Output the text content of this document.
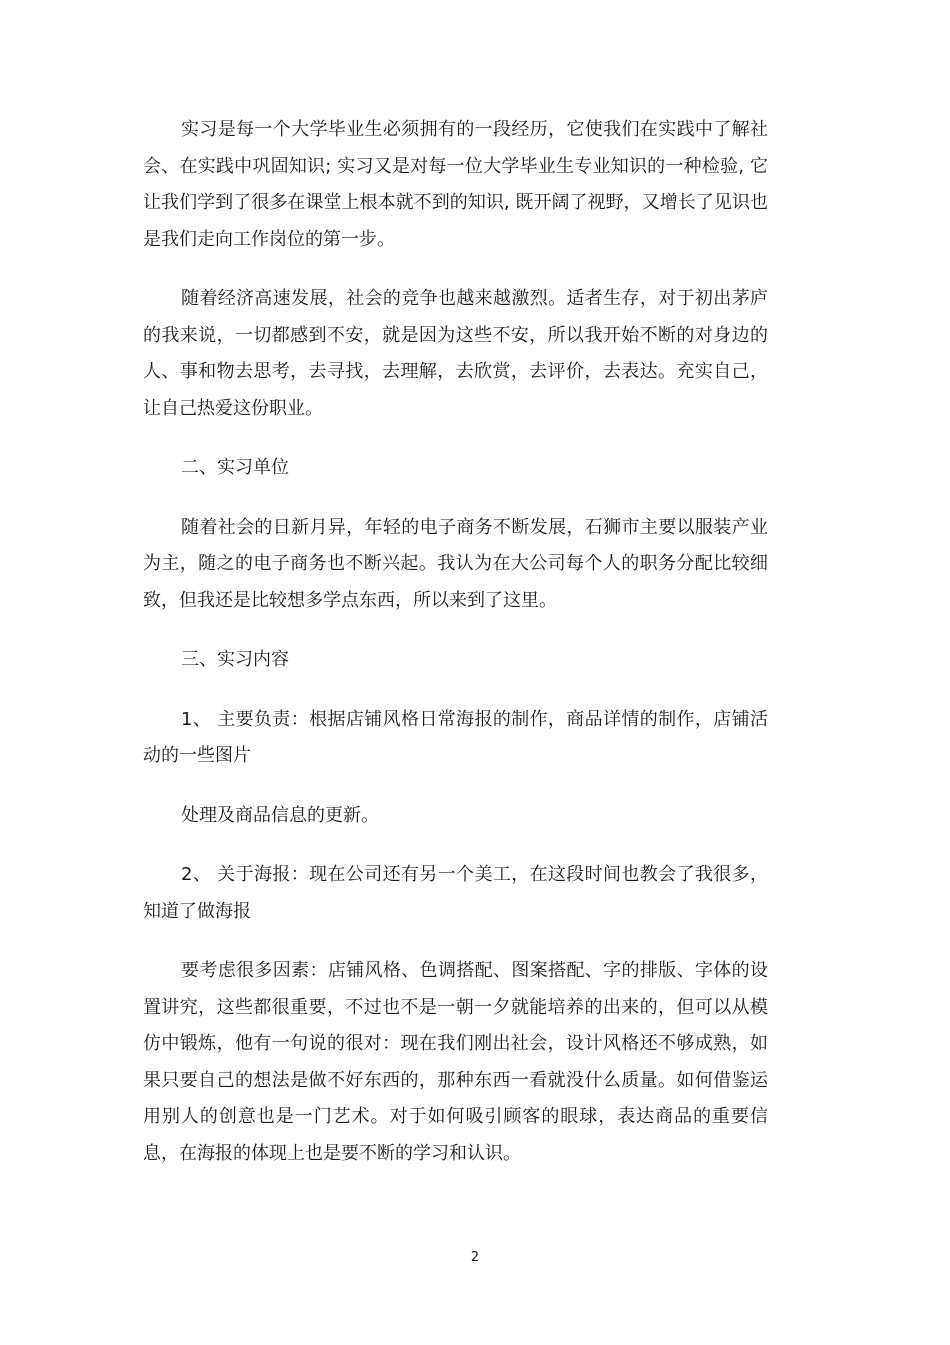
实习是每一个大学毕业生必须拥有的一段经历，它使我们在实践中了解社会、在实践中巩固知识; 实习又是对每一位大学毕业生专业知识的一种检验, 它让我们学到了很多在课堂上根本就不到的知识, 既开阔了视野，又增长了见识也是我们走向工作岗位的第一步。

随着经济高速发展，社会的竞争也越来越激烈。适者生存，对于初出茅庐的我来说，一切都感到不安，就是因为这些不安，所以我开始不断的对身边的人、事和物去思考，去寻找，去理解，去欣赏，去评价，去表达。充实自己，让自己热爱这份职业。

二、实习单位

随着社会的日新月异，年轻的电子商务不断发展，石狮市主要以服装产业为主，随之的电子商务也不断兴起。我认为在大公司每个人的职务分配比较细致，但我还是比较想多学点东西，所以来到了这里。

三、实习内容

1、 主要负责：根据店铺风格日常海报的制作，商品详情的制作，店铺活动的一些图片

处理及商品信息的更新。

2、 关于海报：现在公司还有另一个美工，在这段时间也教会了我很多，知道了做海报

要考虑很多因素：店铺风格、色调搭配、图案搭配、字的排版、字体的设置讲究，这些都很重要，不过也不是一朝一夕就能培养的出来的，但可以从模仿中锻炼，他有一句说的很对：现在我们刚出社会，设计风格还不够成熟，如果只要自己的想法是做不好东西的，那种东西一看就没什么质量。如何借鉴运用别人的创意也是一门艺术。对于如何吸引顾客的眼球，表达商品的重要信息，在海报的体现上也是要不断的学习和认识。

2
